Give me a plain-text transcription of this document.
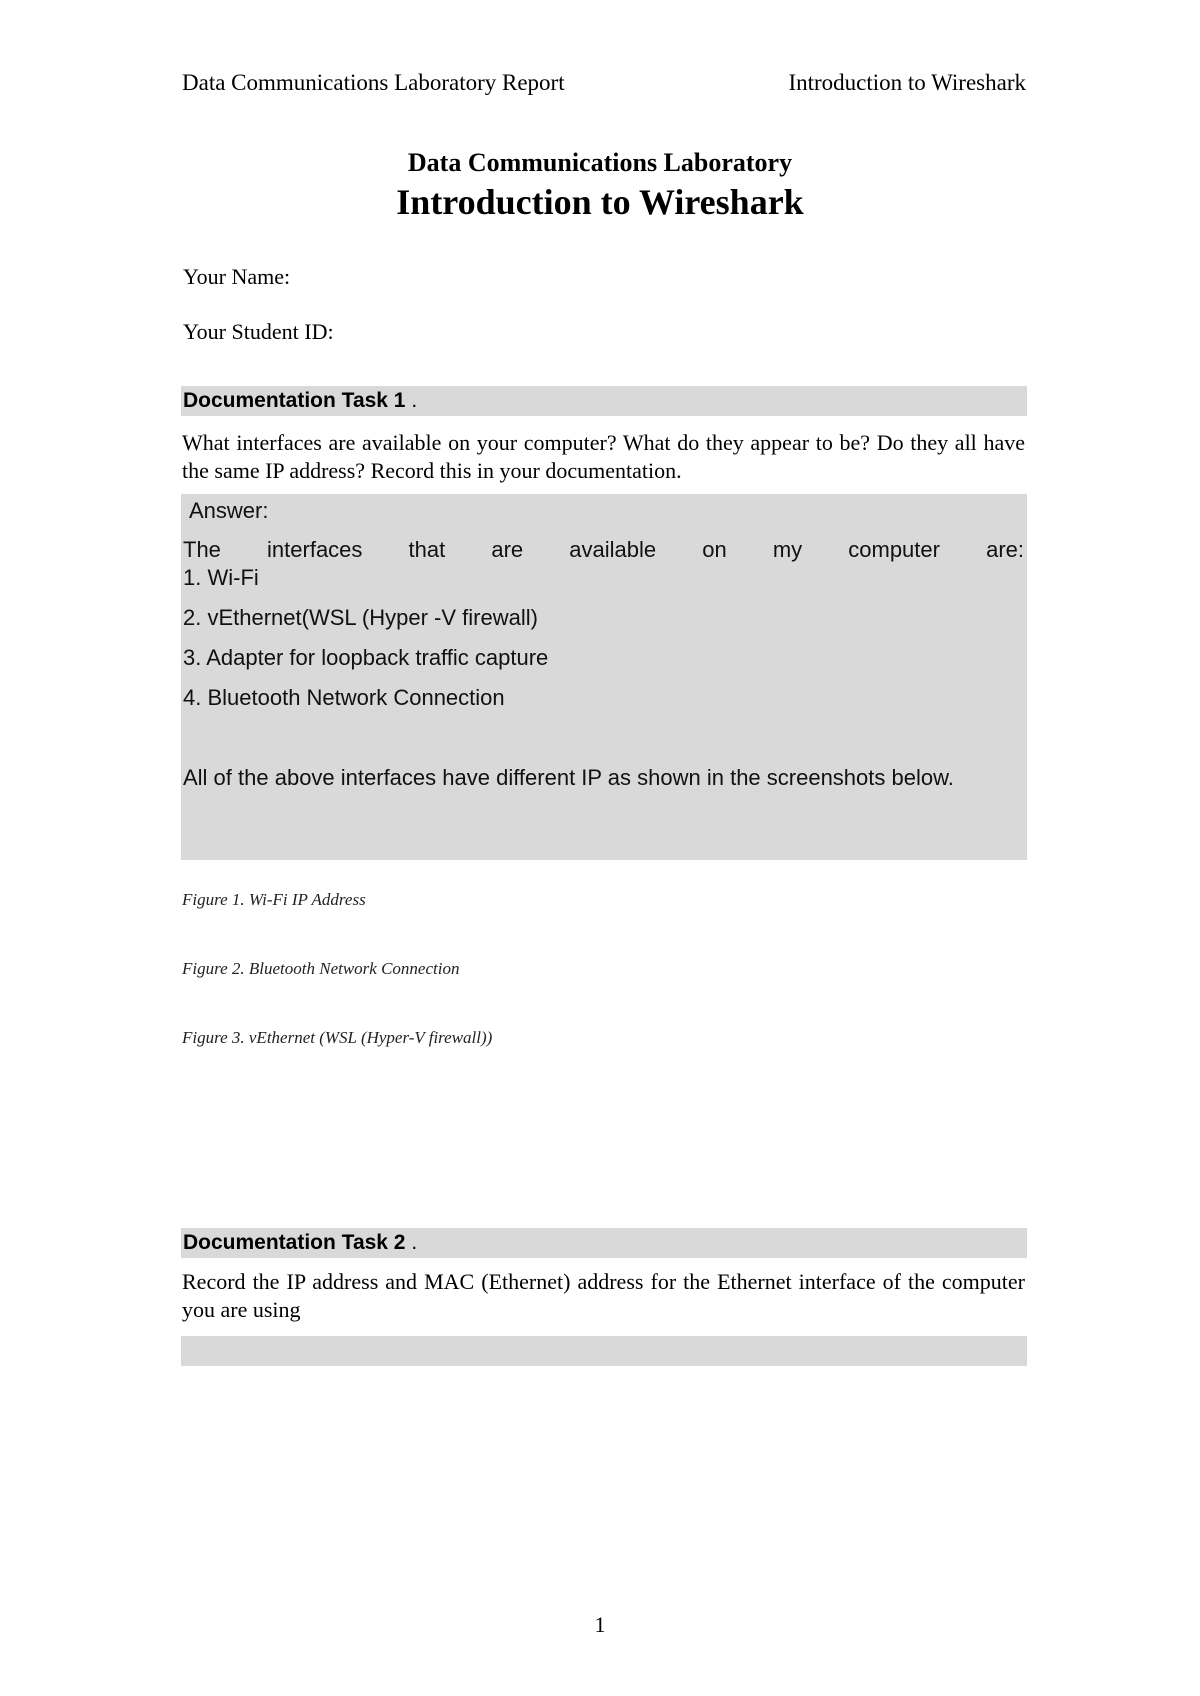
Data Communications Laboratory Report	Introduction to Wireshark
Data Communications Laboratory
Introduction to Wireshark
Your Name:
Your Student ID:
Documentation Task 1 .
What interfaces are available on your computer? What do they appear to be? Do they all have the same IP address? Record this in your documentation.
Answer:
The interfaces that are available on my computer are:
1. Wi-Fi
2. vEthernet(WSL (Hyper -V firewall)
3. Adapter for loopback traffic capture
4. Bluetooth Network Connection
All of the above interfaces have different IP as shown in the screenshots below.
Figure 1. Wi-Fi IP Address
Figure 2. Bluetooth Network Connection
Figure 3. vEthernet (WSL (Hyper-V firewall))
Documentation Task 2 .
Record the IP address and MAC (Ethernet) address for the Ethernet interface of the computer you are using
1
